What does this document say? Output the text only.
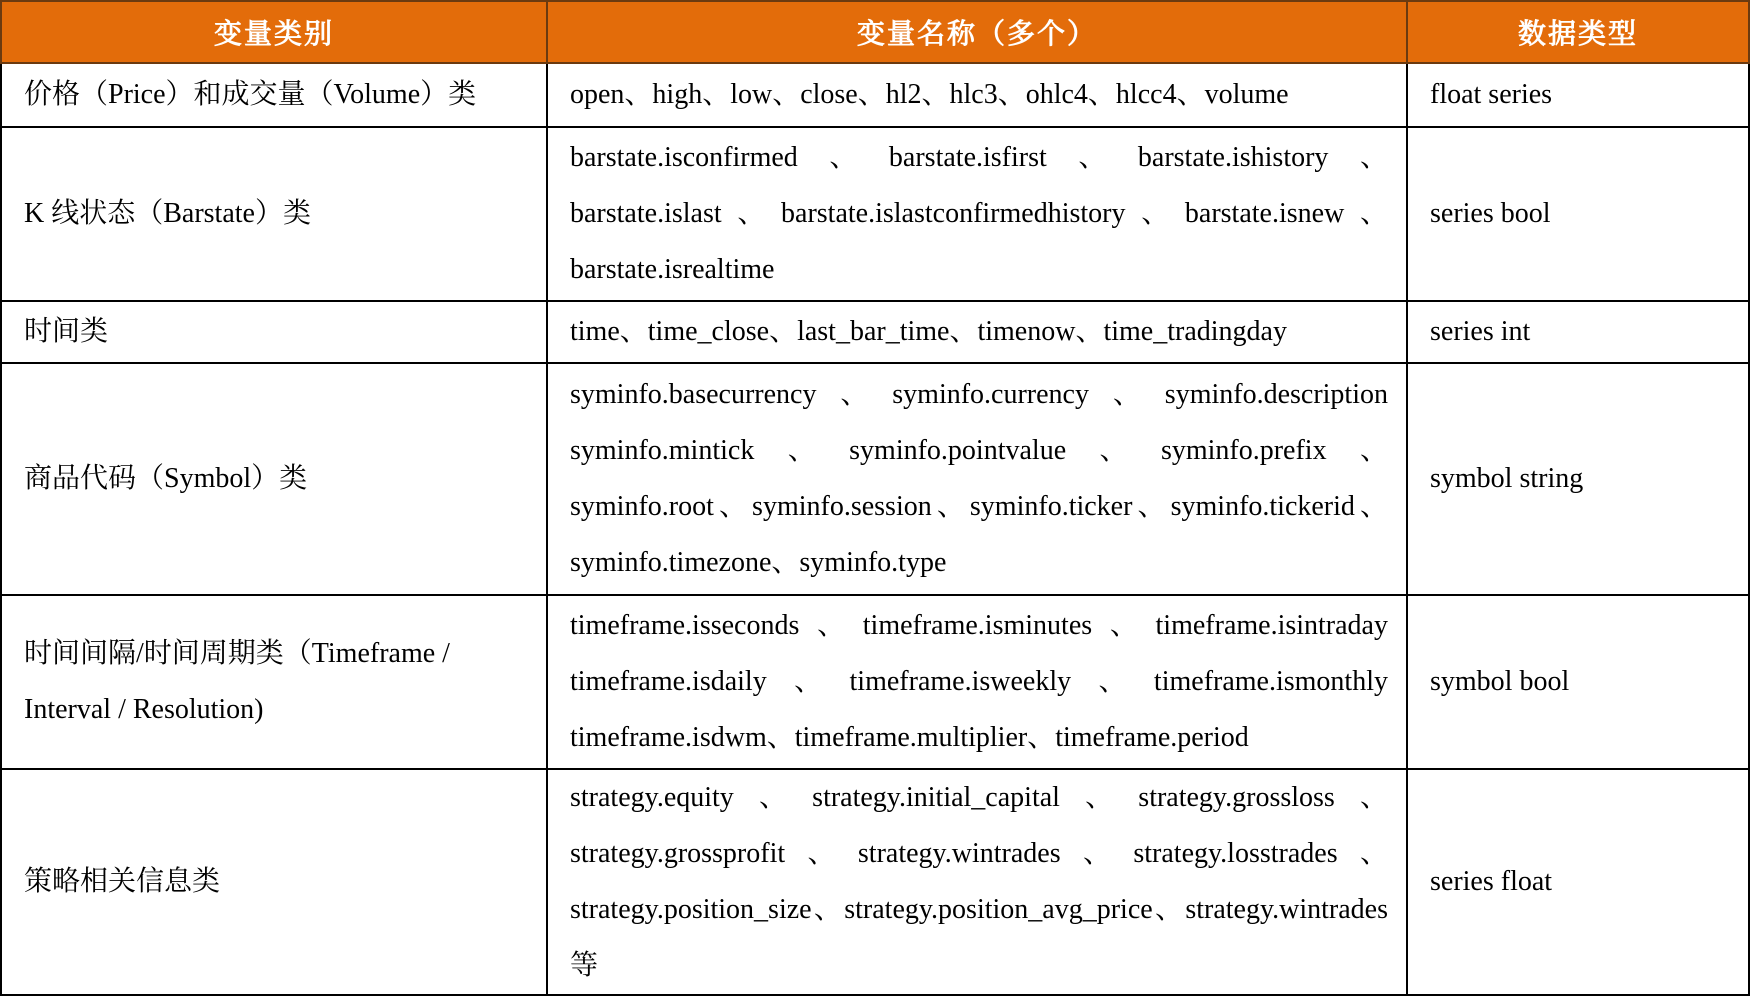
变量类别	变量名称（多个）	数据类型
价格（Price）和成交量（Volume）类	open、high、low、close、hl2、hlc3、ohlc4、hlcc4、volume	float series
K 线状态（Barstate）类	barstate.isconfirmed、barstate.isfirst、barstate.ishistory、barstate.islast、barstate.islastconfirmedhistory、barstate.isnew、barstate.isrealtime	series bool
时间类	time、time_close、last_bar_time、timenow、time_tradingday	series int
商品代码（Symbol）类	syminfo.basecurrency、syminfo.currency、syminfo.description syminfo.mintick、syminfo.pointvalue、syminfo.prefix、syminfo.root、syminfo.session、syminfo.ticker、syminfo.tickerid、syminfo.timezone、syminfo.type	symbol string
时间间隔/时间周期类（Timeframe / Interval / Resolution)	timeframe.isseconds、timeframe.isminutes、timeframe.isintraday timeframe.isdaily、timeframe.isweekly、timeframe.ismonthly timeframe.isdwm、timeframe.multiplier、timeframe.period	symbol bool
策略相关信息类	strategy.equity、strategy.initial_capital、strategy.grossloss、strategy.grossprofit、strategy.wintrades、strategy.losstrades、strategy.position_size、strategy.position_avg_price、strategy.wintrades 等	series float
